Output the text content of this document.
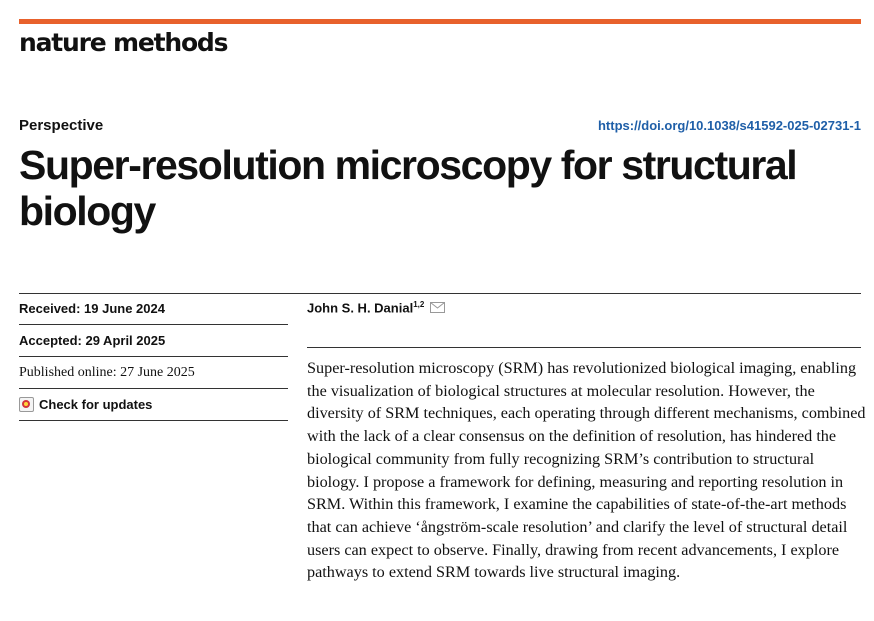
nature methods
Perspective	https://doi.org/10.1038/s41592-025-02731-1
Super-resolution microscopy for structural biology
Received: 19 June 2024
Accepted: 29 April 2025
Published online: 27 June 2025
Check for updates
John S. H. Danial$^{1,2}$

Super-resolution microscopy (SRM) has revolutionized biological imaging, enabling the visualization of biological structures at molecular resolution. However, the diversity of SRM techniques, each operating through different mechanisms, combined with the lack of a clear consensus on the definition of resolution, has hindered the biological community from fully recognizing SRM’s contribution to structural biology. I propose a framework for defining, measuring and reporting resolution in SRM. Within this framework, I examine the capabilities of state-of-the-art methods that can achieve ‘ångström-scale resolution’ and clarify the level of structural detail users can expect to observe. Finally, drawing from recent advancements, I explore pathways to extend SRM towards live structural imaging.
